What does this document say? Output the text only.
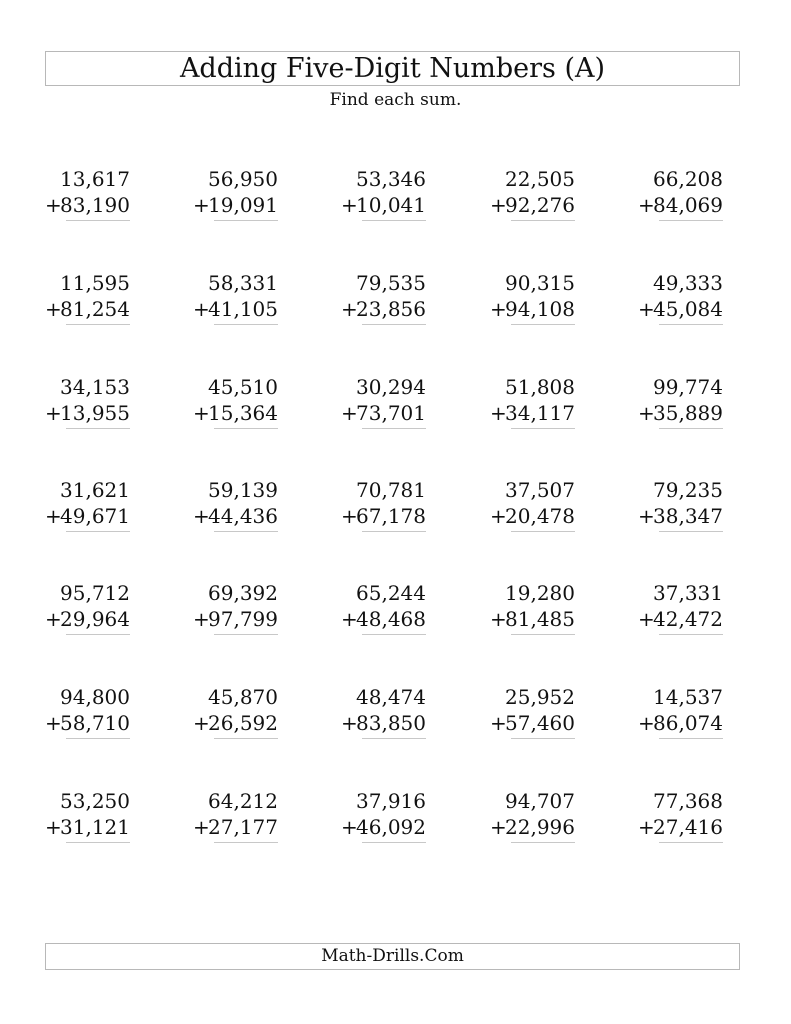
Adding Five-Digit Numbers (A)
Find each sum.
13,617
+
83,190
56,950
+
19,091
53,346
+
10,041
22,505
+
92,276
66,208
+
84,069
11,595
+
81,254
58,331
+
41,105
79,535
+
23,856
90,315
+
94,108
49,333
+
45,084
34,153
+
13,955
45,510
+
15,364
30,294
+
73,701
51,808
+
34,117
99,774
+
35,889
31,621
+
49,671
59,139
+
44,436
70,781
+
67,178
37,507
+
20,478
79,235
+
38,347
95,712
+
29,964
69,392
+
97,799
65,244
+
48,468
19,280
+
81,485
37,331
+
42,472
94,800
+
58,710
45,870
+
26,592
48,474
+
83,850
25,952
+
57,460
14,537
+
86,074
53,250
+
31,121
64,212
+
27,177
37,916
+
46,092
94,707
+
22,996
77,368
+
27,416
Math-Drills.Com
